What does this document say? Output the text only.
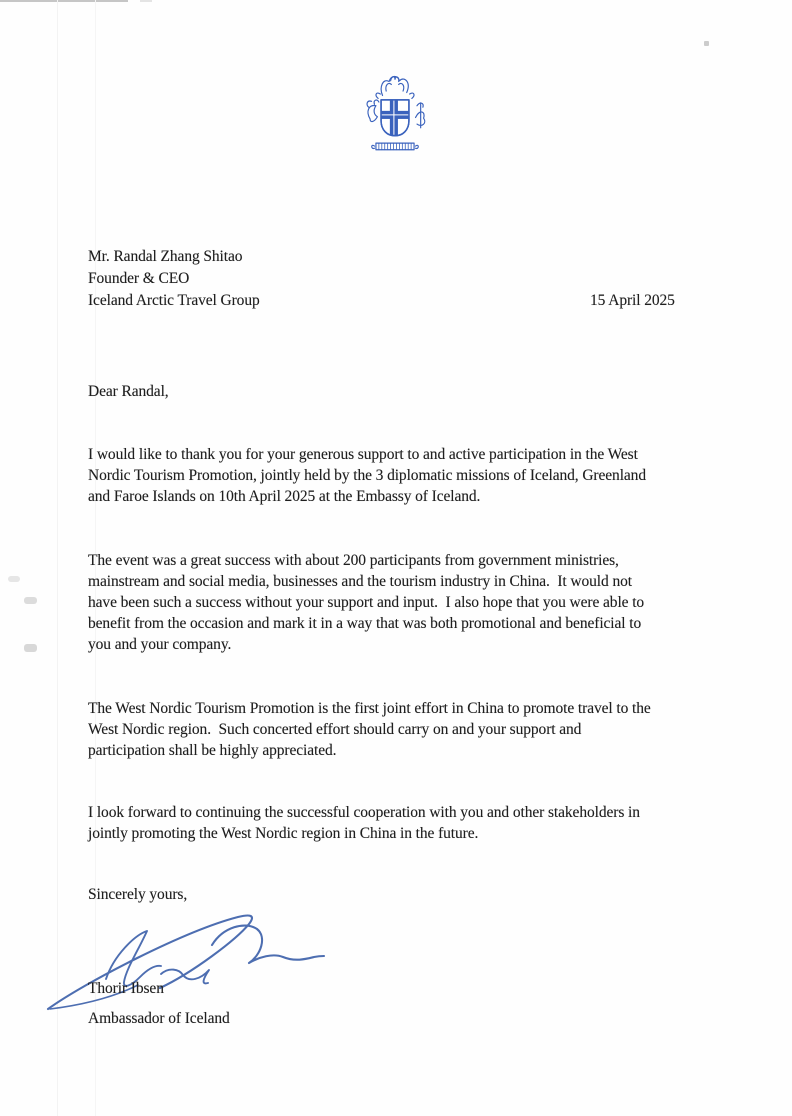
Mr. Randal Zhang Shitao
Founder & CEO
Iceland Arctic Travel Group	15 April 2025
Dear Randal,
I would like to thank you for your generous support to and active participation in the West
Nordic Tourism Promotion, jointly held by the 3 diplomatic missions of Iceland, Greenland
and Faroe Islands on 10th April 2025 at the Embassy of Iceland.
The event was a great success with about 200 participants from government ministries,
mainstream and social media, businesses and the tourism industry in China.  It would not
have been such a success without your support and input.  I also hope that you were able to
benefit from the occasion and mark it in a way that was both promotional and beneficial to
you and your company.
The West Nordic Tourism Promotion is the first joint effort in China to promote travel to the
West Nordic region.  Such concerted effort should carry on and your support and
participation shall be highly appreciated.
I look forward to continuing the successful cooperation with you and other stakeholders in
jointly promoting the West Nordic region in China in the future.
Sincerely yours,
Thorir Ibsen
Ambassador of Iceland
